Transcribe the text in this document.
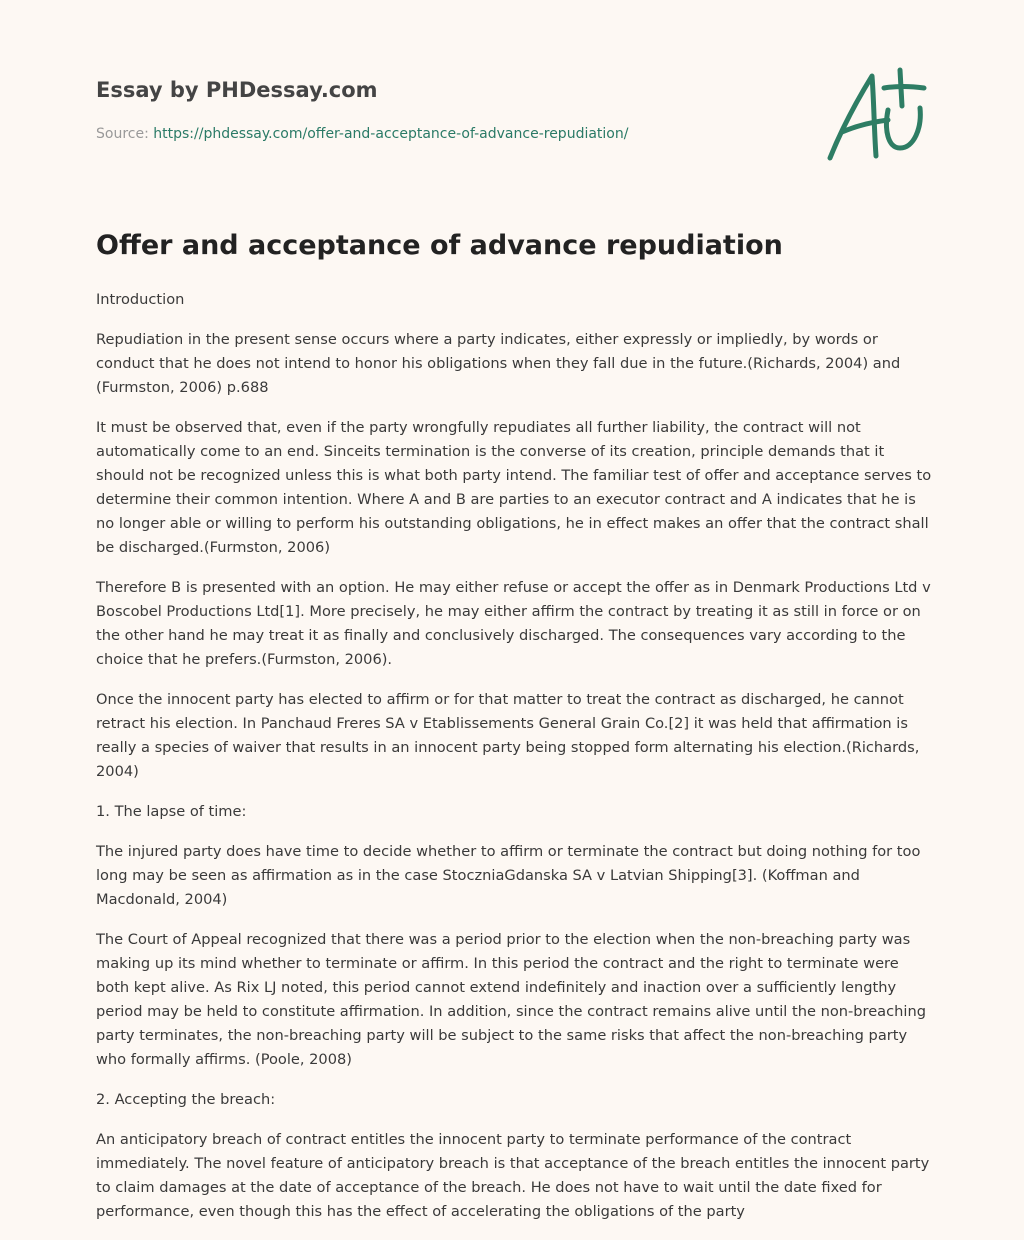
Essay by PHDessay.com
Source: https://phdessay.com/offer-and-acceptance-of-advance-repudiation/
Offer and acceptance of advance repudiation

Introduction

Repudiation in the present sense occurs where a party indicates, either expressly or impliedly, by words or conduct that he does not intend to honor his obligations when they fall due in the future.(Richards, 2004) and (Furmston, 2006) p.688

It must be observed that, even if the party wrongfully repudiates all further liability, the contract will not automatically come to an end. Sinceits termination is the converse of its creation, principle demands that it should not be recognized unless this is what both party intend. The familiar test of offer and acceptance serves to determine their common intention. Where A and B are parties to an executor contract and A indicates that he is no longer able or willing to perform his outstanding obligations, he in effect makes an offer that the contract shall be discharged.(Furmston, 2006)

Therefore B is presented with an option. He may either refuse or accept the offer as in Denmark Productions Ltd v Boscobel Productions Ltd[1]. More precisely, he may either affirm the contract by treating it as still in force or on the other hand he may treat it as finally and conclusively discharged. The consequences vary according to the choice that he prefers.(Furmston, 2006).

Once the innocent party has elected to affirm or for that matter to treat the contract as discharged, he cannot retract his election. In Panchaud Freres SA v Etablissements General Grain Co.[2] it was held that affirmation is really a species of waiver that results in an innocent party being stopped form alternating his election.(Richards, 2004)

1. The lapse of time:

The injured party does have time to decide whether to affirm or terminate the contract but doing nothing for too long may be seen as affirmation as in the case StoczniaGdanska SA v Latvian Shipping[3]. (Koffman and Macdonald, 2004)

The Court of Appeal recognized that there was a period prior to the election when the non-breaching party was making up its mind whether to terminate or affirm. In this period the contract and the right to terminate were both kept alive. As Rix LJ noted, this period cannot extend indefinitely and inaction over a sufficiently lengthy period may be held to constitute affirmation. In addition, since the contract remains alive until the non-breaching party terminates, the non-breaching party will be subject to the same risks that affect the non-breaching party who formally affirms. (Poole, 2008)

2. Accepting the breach:

An anticipatory breach of contract entitles the innocent party to terminate performance of the contract immediately. The novel feature of anticipatory breach is that acceptance of the breach entitles the innocent party to claim damages at the date of acceptance of the breach. He does not have to wait until the date fixed for performance, even though this has the effect of accelerating the obligations of the party
